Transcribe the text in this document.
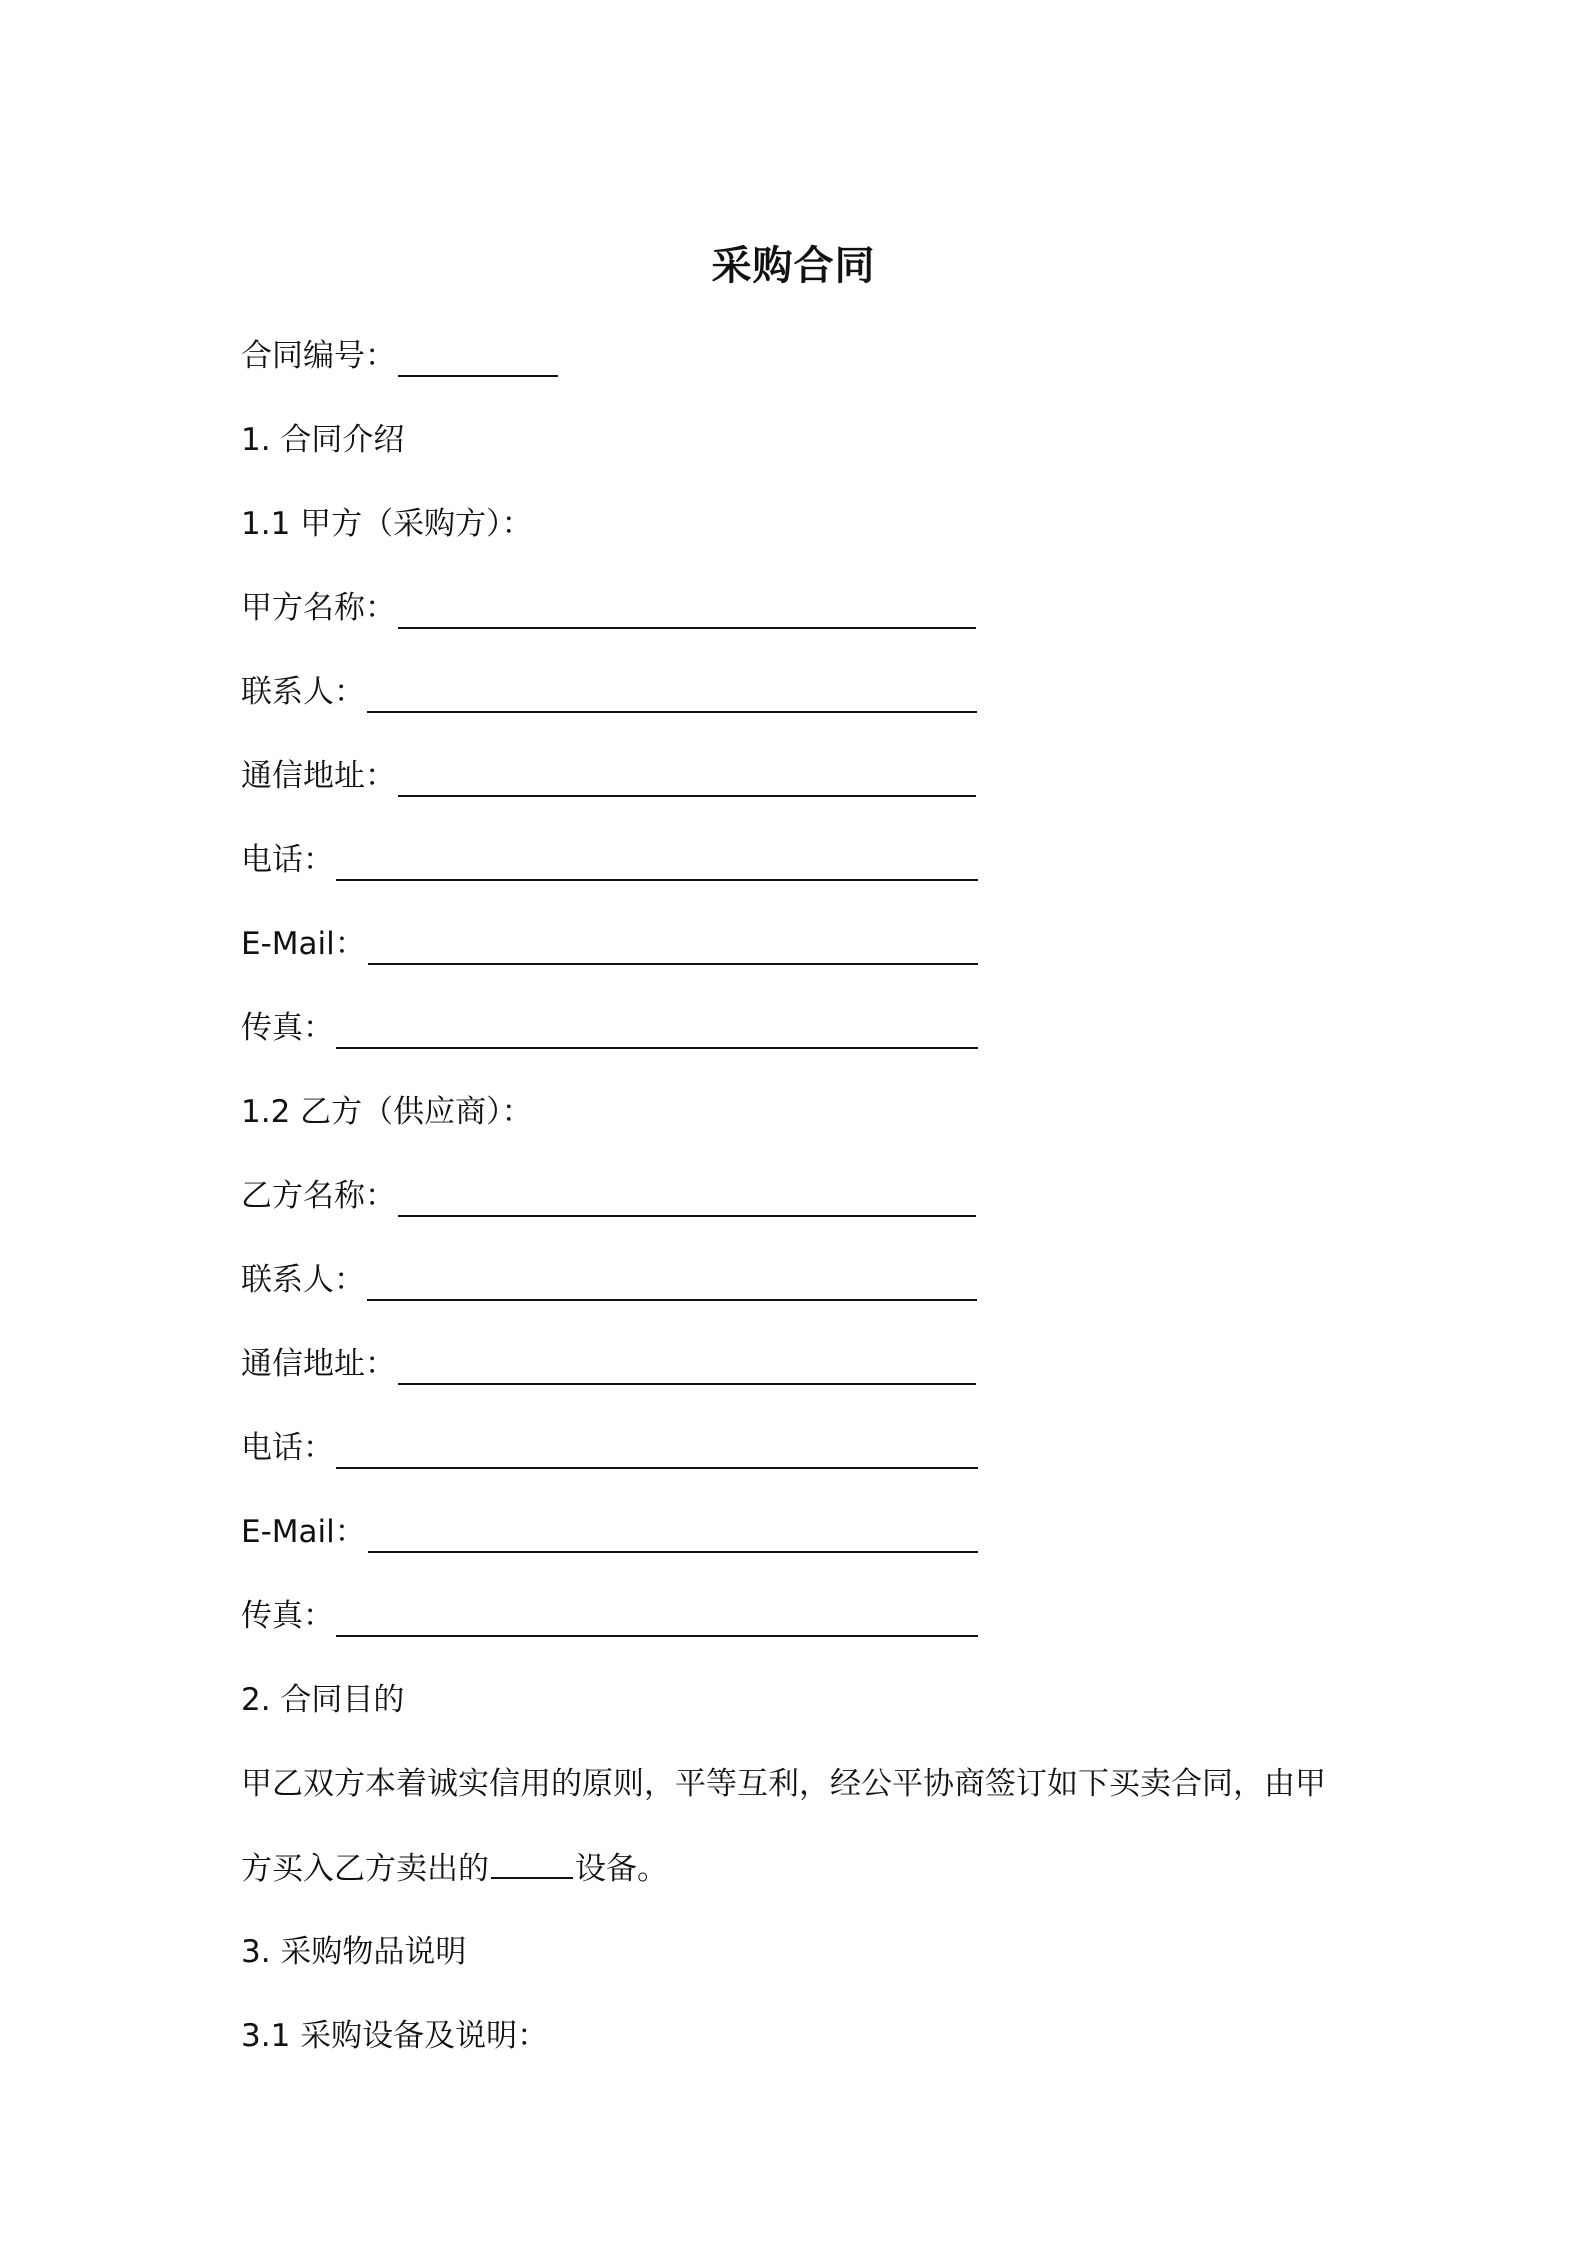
采购合同
合同编号：
1. 合同介绍
1.1 甲方（采购方）：
甲方名称：
联系人：
通信地址：
电话：
E-Mail：
传真：
1.2 乙方（供应商）：
乙方名称：
联系人：
通信地址：
电话：
E-Mail：
传真：
2. 合同目的
甲乙双方本着诚实信用的原则，平等互利，经公平协商签订如下买卖合同，由甲
方买入乙方卖出的	设备。
3. 采购物品说明
3.1 采购设备及说明：
